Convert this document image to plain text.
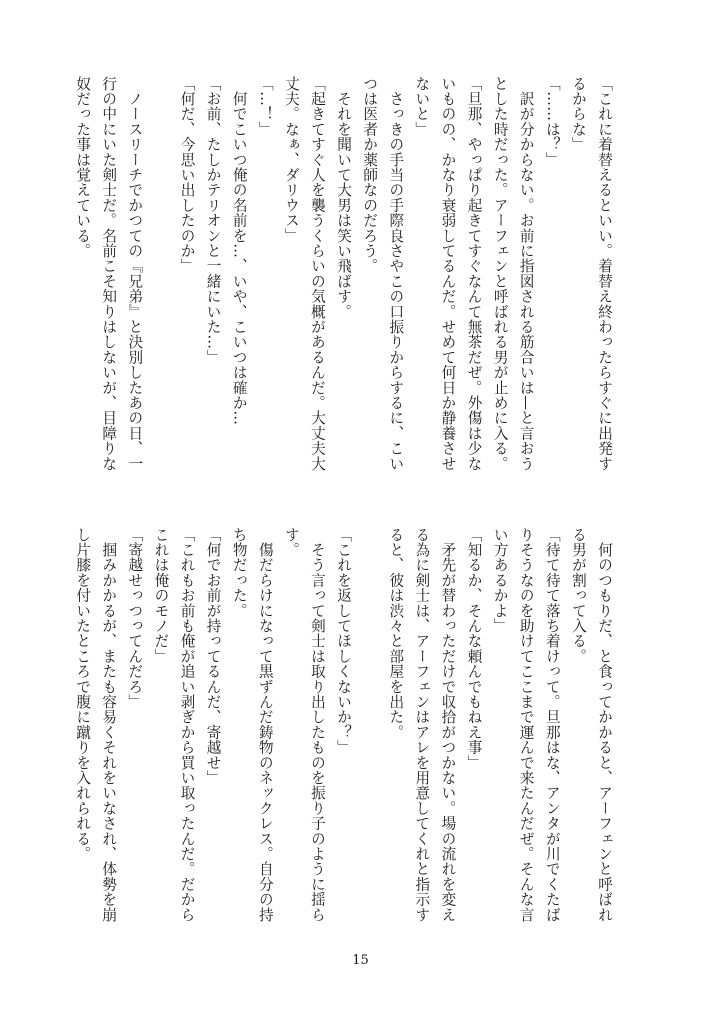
「これに着替えるといい。着替え終わったらすぐに出発す

るからな」

「……は？」

　訳が分からない。お前に指図される筋合いは—と言おう

とした時だった。アーフェンと呼ばれる男が止めに入る。

「旦那、やっぱり起きてすぐなんて無茶だぜ。外傷は少な

いものの、かなり衰弱してるんだ。せめて何日か静養させ

ないと」

　さっきの手当の手際良さやこの口振りからするに、こい

つは医者か薬師なのだろう。

　それを聞いて大男は笑い飛ばす。

「起きてすぐ人を襲うくらいの気概があるんだ。大丈夫大

丈夫。なぁ、ダリウス」

「…！」

　何でこいつ俺の名前を…、いや、こいつは確か…

「お前、たしかテリオンと一緒にいた…」

「何だ、今思い出したのか」

　ノースリーチでかつての『兄弟』と決別したあの日、一

行の中にいた剣士だ。名前こそ知りはしないが、目障りな

奴だった事は覚えている。

　何のつもりだ、と食ってかかると、アーフェンと呼ばれ

る男が割って入る。

「待て待て落ち着けって。旦那はな、アンタが川でくたば

りそうなのを助けてここまで運んで来たんだぜ。そんな言

い方あるかよ」

「知るか、そんな頼んでもねえ事」

　矛先が替わっただけで収拾がつかない。場の流れを変え

る為に剣士は、アーフェンはアレを用意してくれと指示す

ると、彼は渋々と部屋を出た。

「これを返してほしくないか？」

　そう言って剣士は取り出したものを振り子のように揺ら

す。

　傷だらけになって黒ずんだ鋳物のネックレス。自分の持

ち物だった。

「何でお前が持ってるんだ、寄越せ」

「これもお前も俺が追い剥ぎから買い取ったんだ。だから

これは俺のモノだ」

「寄越せっつってんだろ」

　掴みかかるが、またも容易くそれをいなされ、体勢を崩

し片膝を付いたところで腹に蹴りを入れられる。

15
